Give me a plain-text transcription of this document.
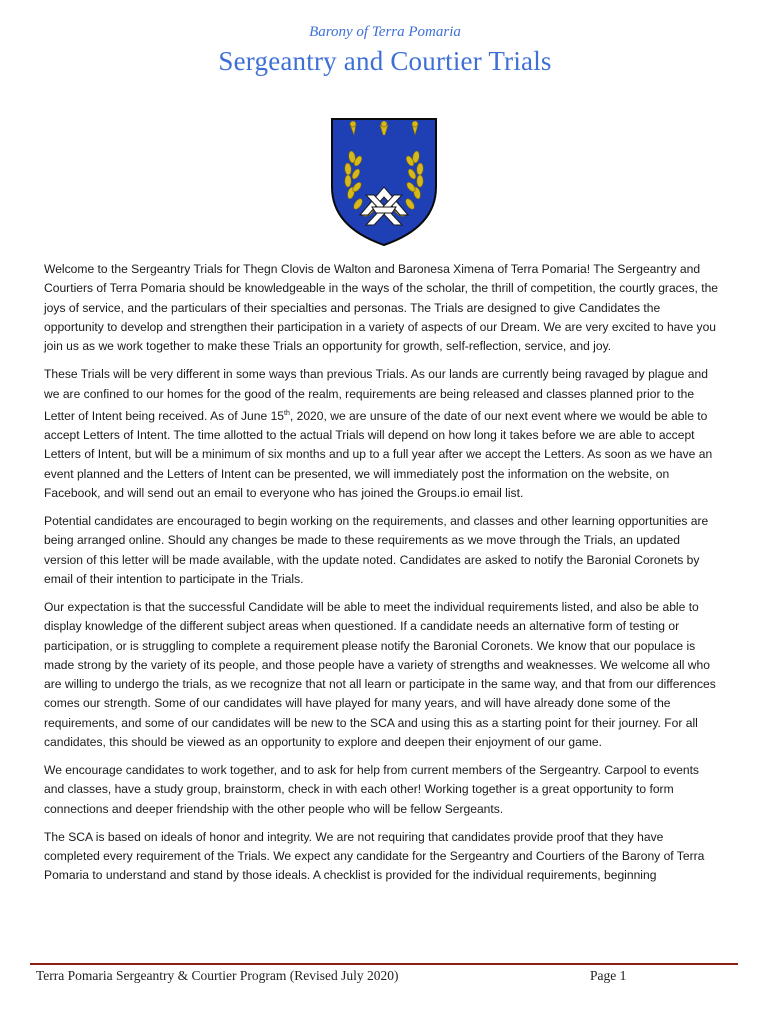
Barony of Terra Pomaria
Sergeantry and Courtier Trials

Welcome to the Sergeantry Trials for Thegn Clovis de Walton and Baronesa Ximena of Terra Pomaria! The Sergeantry and Courtiers of Terra Pomaria should be knowledgeable in the ways of the scholar, the thrill of competition, the courtly graces, the joys of service, and the particulars of their specialties and personas. The Trials are designed to give Candidates the opportunity to develop and strengthen their participation in a variety of aspects of our Dream. We are very excited to have you join us as we work together to make these Trials an opportunity for growth, self-reflection, service, and joy.

These Trials will be very different in some ways than previous Trials. As our lands are currently being ravaged by plague and we are confined to our homes for the good of the realm, requirements are being released and classes planned prior to the Letter of Intent being received. As of June 15th, 2020, we are unsure of the date of our next event where we would be able to accept Letters of Intent. The time allotted to the actual Trials will depend on how long it takes before we are able to accept Letters of Intent, but will be a minimum of six months and up to a full year after we accept the Letters. As soon as we have an event planned and the Letters of Intent can be presented, we will immediately post the information on the website, on Facebook, and will send out an email to everyone who has joined the Groups.io email list.

Potential candidates are encouraged to begin working on the requirements, and classes and other learning opportunities are being arranged online. Should any changes be made to these requirements as we move through the Trials, an updated version of this letter will be made available, with the update noted. Candidates are asked to notify the Baronial Coronets by email of their intention to participate in the Trials.

Our expectation is that the successful Candidate will be able to meet the individual requirements listed, and also be able to display knowledge of the different subject areas when questioned. If a candidate needs an alternative form of testing or participation, or is struggling to complete a requirement please notify the Baronial Coronets. We know that our populace is made strong by the variety of its people, and those people have a variety of strengths and weaknesses. We welcome all who are willing to undergo the trials, as we recognize that not all learn or participate in the same way, and that from our differences comes our strength. Some of our candidates will have played for many years, and will have already done some of the requirements, and some of our candidates will be new to the SCA and using this as a starting point for their journey. For all candidates, this should be viewed as an opportunity to explore and deepen their enjoyment of our game.

We encourage candidates to work together, and to ask for help from current members of the Sergeantry. Carpool to events and classes, have a study group, brainstorm, check in with each other! Working together is a great opportunity to form connections and deeper friendship with the other people who will be fellow Sergeants.

The SCA is based on ideals of honor and integrity. We are not requiring that candidates provide proof that they have completed every requirement of the Trials. We expect any candidate for the Sergeantry and Courtiers of the Barony of Terra Pomaria to understand and stand by those ideals. A checklist is provided for the individual requirements, beginning

Terra Pomaria Sergeantry & Courtier Program (Revised July 2020)	Page 1
